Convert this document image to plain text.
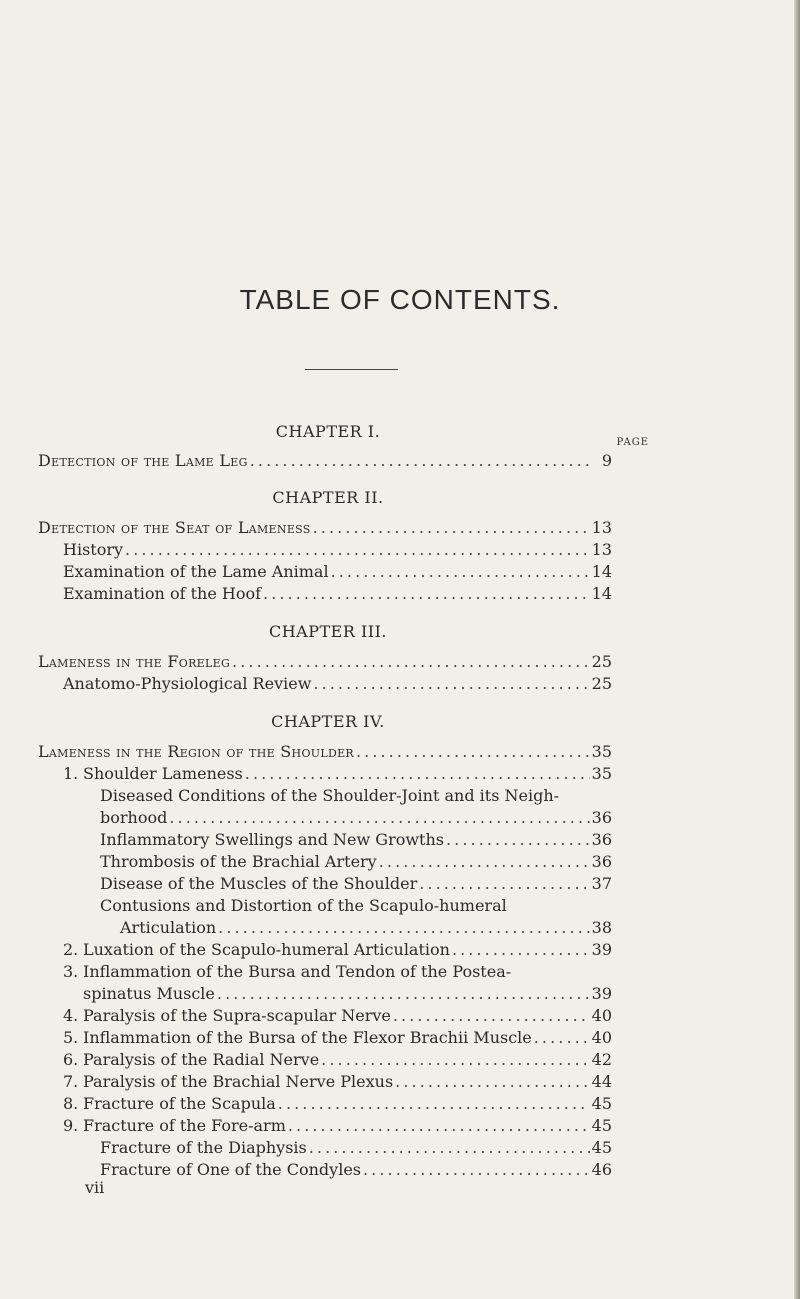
TABLE OF CONTENTS.
CHAPTER I.
PAGE
Detection of the Lame Leg . . .	9
CHAPTER II.
Detection of the Seat of Lameness . . .	13
History . . .	13
Examination of the Lame Animal . . .	14
Examination of the Hoof . . .	14
CHAPTER III.
Lameness in the Foreleg . . .	25
Anatomo-Physiological Review . . .	25
CHAPTER IV.
Lameness in the Region of the Shoulder . . .	35
1. Shoulder Lameness . . .	35
Diseased Conditions of the Shoulder-Joint and its Neigh-
borhood . . .	36
Inflammatory Swellings and New Growths . . .	36
Thrombosis of the Brachial Artery . . .	36
Disease of the Muscles of the Shoulder . . .	37
Contusions and Distortion of the Scapulo-humeral
Articulation . . .	38
2. Luxation of the Scapulo-humeral Articulation . . .	39
3. Inflammation of the Bursa and Tendon of the Postea-
spinatus Muscle . . .	39
4. Paralysis of the Supra-scapular Nerve . . .	40
5. Inflammation of the Bursa of the Flexor Brachii Muscle . . .	40
6. Paralysis of the Radial Nerve . . .	42
7. Paralysis of the Brachial Nerve Plexus . . .	44
8. Fracture of the Scapula . . .	45
9. Fracture of the Fore-arm . . .	45
Fracture of the Diaphysis . . .	45
Fracture of One of the Condyles . . .	46
vii
